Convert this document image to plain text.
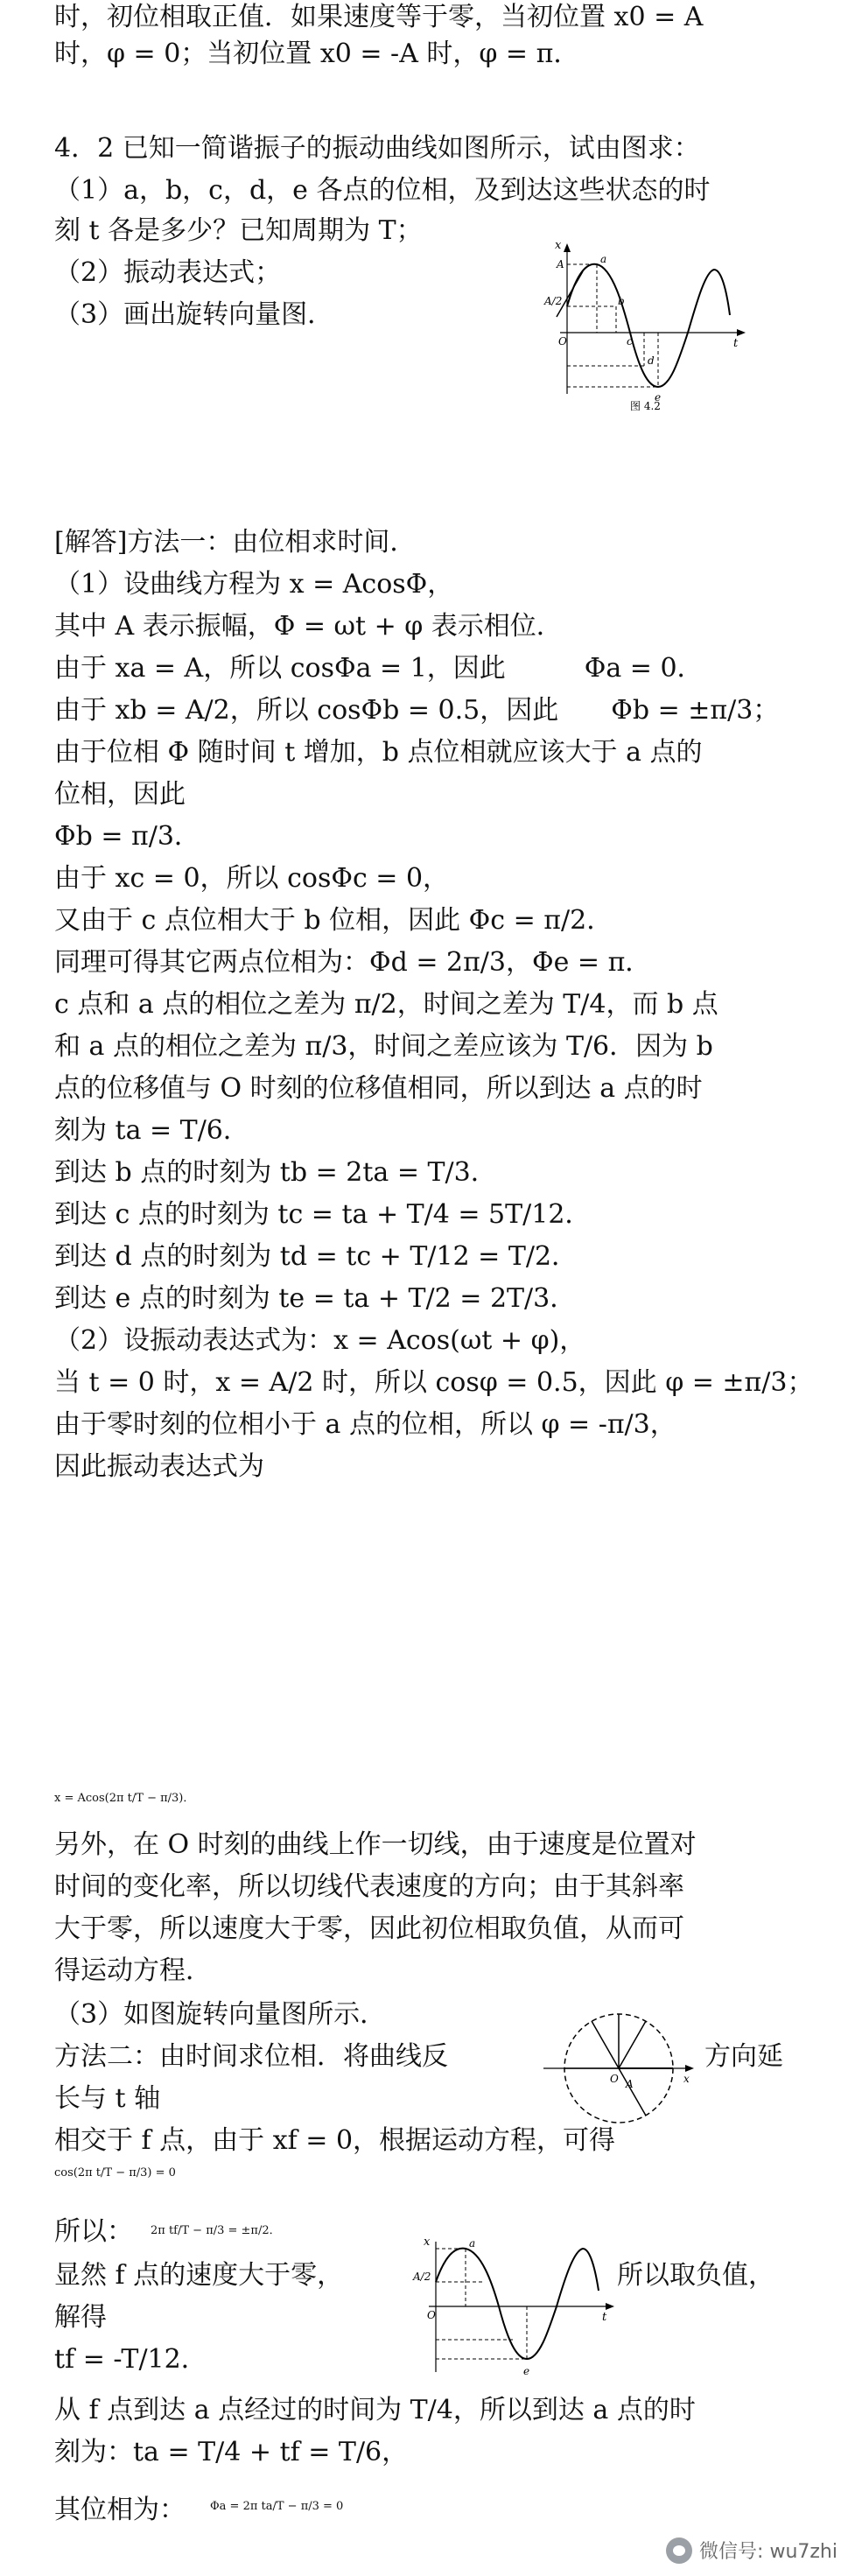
时，初位相取正值．如果速度等于零，当初位置 x0 = A
时，φ = 0；当初位置 x0 = -A 时，φ = π．
4．2 已知一简谐振子的振动曲线如图所示，试由图求：
（1）a，b，c，d，e 各点的位相，及到达这些状态的时
刻 t 各是多少？已知周期为 T；
（2）振动表达式；
（3）画出旋转向量图．
[解答]方法一：由位相求时间．
（1）设曲线方程为 x = AcosΦ，
其中 A 表示振幅，Φ = ωt + φ 表示相位．
由于 xa = A，所以 cosΦa = 1，因此　　　Φa = 0．
由于 xb = A/2，所以 cosΦb = 0.5，因此　　Φb = ±π/3；
由于位相 Φ 随时间 t 增加，b 点位相就应该大于 a 点的
位相，因此
Φb = π/3．
由于 xc = 0，所以 cosΦc = 0，
又由于 c 点位相大于 b 位相，因此 Φc = π/2．
同理可得其它两点位相为：Φd = 2π/3，Φe = π．
c 点和 a 点的相位之差为 π/2，时间之差为 T/4，而 b 点
和 a 点的相位之差为 π/3，时间之差应该为 T/6．因为 b
点的位移值与 O 时刻的位移值相同，所以到达 a 点的时
刻为 ta = T/6．
到达 b 点的时刻为 tb = 2ta = T/3．
到达 c 点的时刻为 tc = ta + T/4 = 5T/12．
到达 d 点的时刻为 td = tc + T/12 = T/2．
到达 e 点的时刻为 te = ta + T/2 = 2T/3．
（2）设振动表达式为：x = Acos(ωt + φ)，
当 t = 0 时，x = A/2 时，所以 cosφ = 0.5，因此 φ = ±π/3；
由于零时刻的位相小于 a 点的位相，所以 φ = -π/3，
因此振动表达式为
x = Acos(2π t/T − π/3)．
另外，在 O 时刻的曲线上作一切线，由于速度是位置对
时间的变化率，所以切线代表速度的方向；由于其斜率
大于零，所以速度大于零，因此初位相取负值，从而可
得运动方程．
（3）如图旋转向量图所示．
方法二：由时间求位相．将曲线反	方向延
长与 t 轴
相交于 f 点，由于 xf = 0，根据运动方程，可得
cos(2π t/T − π/3) = 0
所以： 2π tf/T − π/3 = ±π/2．
显然 f 点的速度大于零，	所以取负值，
解得
tf = -T/12．
从 f 点到达 a 点经过的时间为 T/4，所以到达 a 点的时
刻为：ta = T/4 + tf = T/6，
其位相为： Φa = 2π ta/T − π/3 = 0
x
t
A
A/2
O
a
b
c
d
e
图 4.2
O A	x
x
t
A/2
O
a
e
微信号: wu7zhi
